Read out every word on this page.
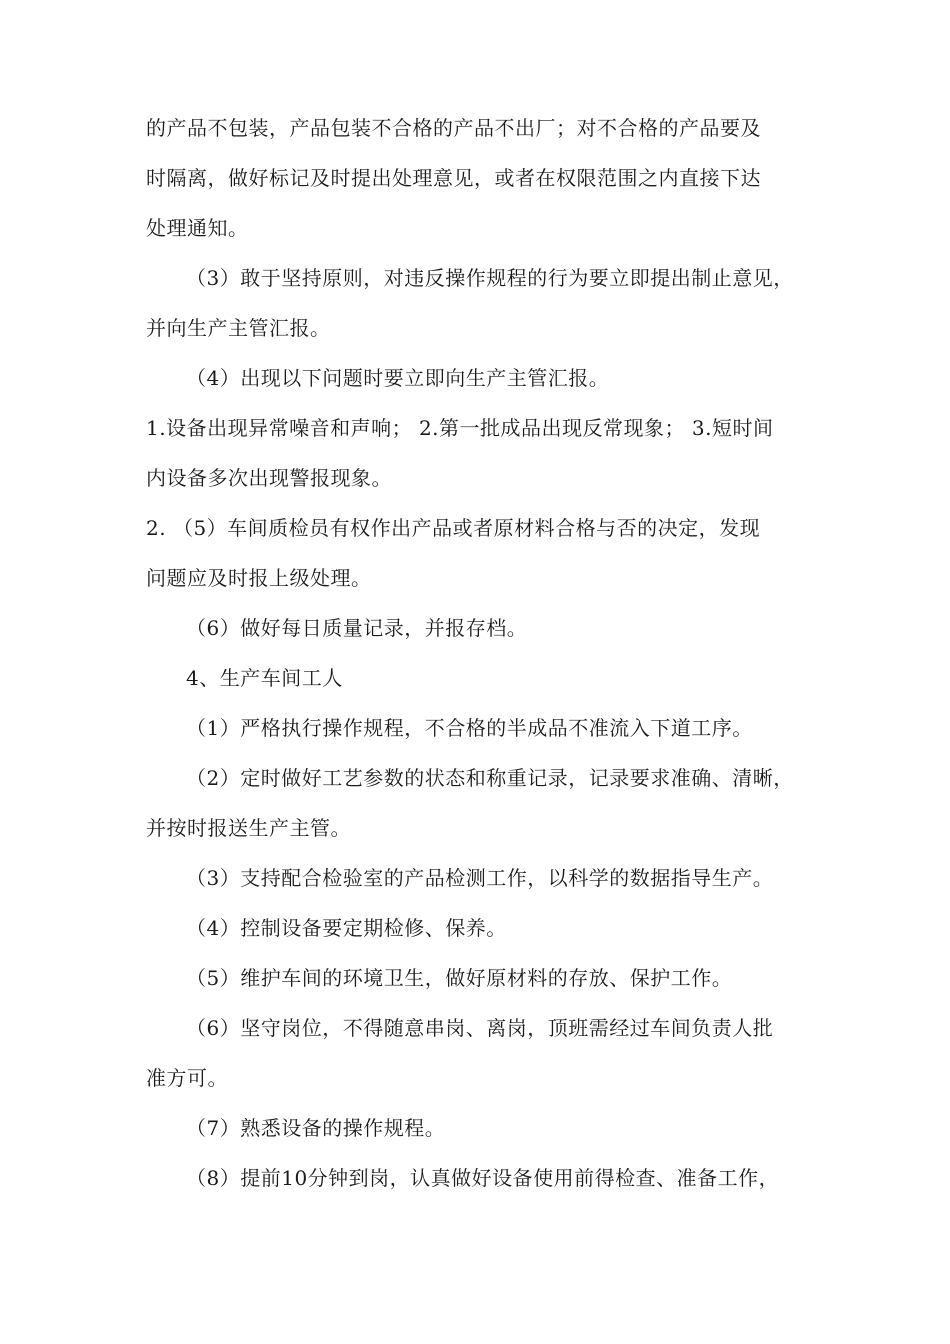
的产品不包装，产品包装不合格的产品不出厂；对不合格的产品要及
时隔离，做好标记及时提出处理意见，或者在权限范围之内直接下达
处理通知。
（3）敢于坚持原则，对违反操作规程的行为要立即提出制止意见，
并向生产主管汇报。
（4）出现以下问题时要立即向生产主管汇报。
1.设备出现异常噪音和声响； 2.第一批成品出现反常现象； 3.短时间
内设备多次出现警报现象。
2. （5）车间质检员有权作出产品或者原材料合格与否的决定，发现
问题应及时报上级处理。
（6）做好每日质量记录，并报存档。
4、生产车间工人
（1）严格执行操作规程，不合格的半成品不准流入下道工序。
（2）定时做好工艺参数的状态和称重记录，记录要求准确、清晰，
并按时报送生产主管。
（3）支持配合检验室的产品检测工作，以科学的数据指导生产。
（4）控制设备要定期检修、保养。
（5）维护车间的环境卫生，做好原材料的存放、保护工作。
（6）坚守岗位，不得随意串岗、离岗，顶班需经过车间负责人批
准方可。
（7）熟悉设备的操作规程。
（8）提前10分钟到岗，认真做好设备使用前得检查、准备工作，
